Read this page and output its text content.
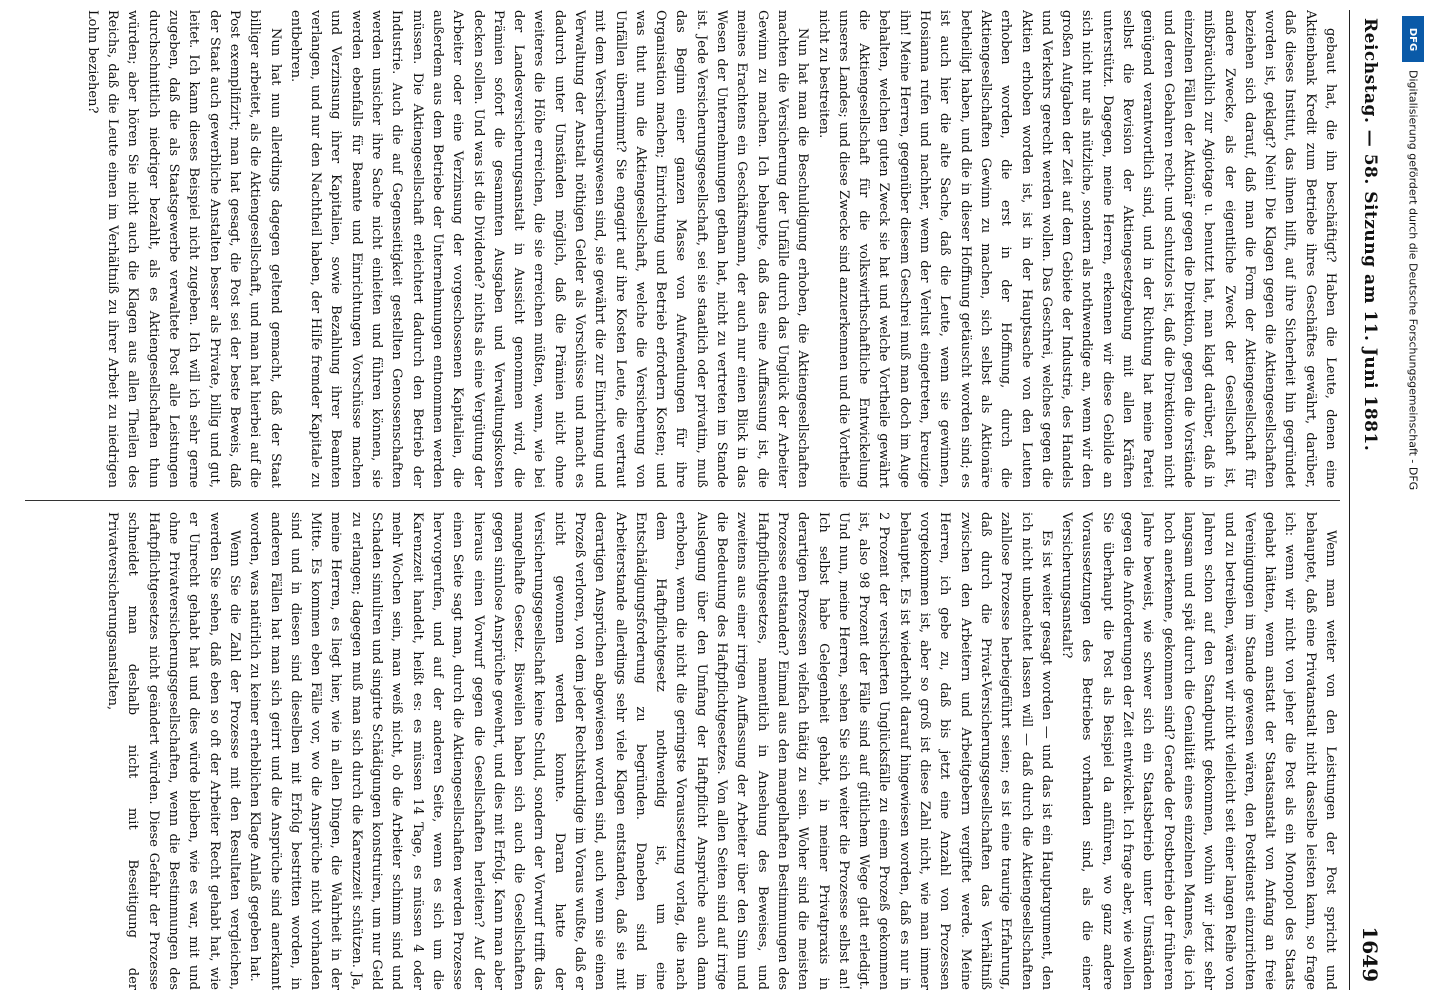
Reichstag. — 58. Sitzung am 11. Juni 1881.
1649

gebaut hat, die ihn beschäftigt? Haben die Leute, denen eine Aktienbank Kredit zum Betriebe ihres Geschäftes gewährt, darüber, daß dieses Institut, das ihnen hilft, auf ihre Sicherheit hin gegründet worden ist, geklagt? Nein! Die Klagen gegen die Aktiengesellschaften beziehen sich darauf, daß man die Form der Aktiengesellschaft für andere Zwecke, als der eigentliche Zweck der Gesellschaft ist, mißbräuchlich zur Agiotage u. benutzt hat, man klagt darüber, daß in einzelnen Fällen der Aktionär gegen die Direktion, gegen die Vorstände und deren Gebahren recht- und schutzlos ist, daß die Direktionen nicht genügend verantwortlich sind, und in der Richtung hat meine Partei selbst die Revision der Aktiengesetzgebung mit allen Kräften unterstützt. Dagegen, meine Herren, erkennen wir diese Gebilde an sich nicht nur als nützliche, sondern als nothwendige an, wenn wir den großen Aufgaben der Zeit auf dem Gebiete der Industrie, des Handels und Verkehrs gerecht werden wollen. Das Geschrei, welches gegen die Aktien erhoben worden ist, ist in der Hauptsache von den Leuten erhoben worden, die erst in der Hoffnung, durch die Aktiengesellschaften Gewinn zu machen, sich selbst als Aktionäre betheiligt haben, und die in dieser Hoffnung getäuscht worden sind; es ist auch hier die alte Sache, daß die Leute, wenn sie gewinnen, Hosianna rufen und nachher, wenn der Verlust eingetreten, kreuzige ihn! Meine Herren, gegenüber diesem Geschrei muß man doch im Auge behalten, welchen guten Zweck sie hat und welche Vortheile gewährt die Aktiengesellschaft für die volkswirthschaftliche Entwickelung unseres Landes; und diese Zwecke sind anzuerkennen und die Vortheile nicht zu bestreiten.

Nun hat man die Beschuldigung erhoben, die Aktiengesellschaften machten die Versicherung der Unfälle durch das Unglück der Arbeiter Gewinn zu machen. Ich behaupte, daß das eine Auffassung ist, die meines Erachtens ein Geschäftsmann, der auch nur einen Blick in das Wesen der Unternehmungen gethan hat, nicht zu vertreten im Stande ist. Jede Versicherungsgesellschaft, sei sie staatlich oder privatim, muß das Beginn einer ganzen Masse von Aufwendungen für ihre Organisation machen; Einrichtung und Betrieb erfordern Kosten; und was thut nun die Aktiengesellschaft, welche die Versicherung von Unfällen übernimmt? Sie engagirt auf ihre Kosten Leute, die vertraut mit dem Versicherungswesen sind, sie gewährt die zur Einrichtung und Verwaltung der Anstalt nöthigen Gelder als Vorschüsse und macht es dadurch unter Umständen möglich, daß die Prämien nicht ohne weiteres die Höhe erreichen, die sie erreichen müßten, wenn, wie bei der Landesversicherungsanstalt in Aussicht genommen wird, die Prämien sofort die gesammten Ausgaben und Verwaltungskosten decken sollen. Und was ist die Dividende? nichts als eine Vergütung der Arbeiter oder eine Verzinsung der vorgeschossenen Kapitalien, die außerdem aus dem Betriebe der Unternehmungen entnommen werden müssen. Die Aktiengesellschaft erleichtert dadurch den Betrieb der Industrie. Auch die auf Gegenseitigkeit gestellten Genossenschaften werden unsicher ihre Sache nicht einleiten und führen können, sie werden ebenfalls für Beamte und Einrichtungen Vorschüsse machen und Verzinsung ihrer Kapitalien, sowie Bezahlung ihrer Beamten verlangen, und nur den Nachtheil haben, der Hilfe fremder Kapitale zu entbehren.

Nun hat nun allerdings dagegen geltend gemacht, daß der Staat billiger arbeitet, als die Aktiengesellschaft, und man hat hierbei auf die Post exemplifizirt; man hat gesagt, die Post sei der beste Beweis, daß der Staat auch gewerbliche Anstalten besser als Private, billig und gut, leitet. Ich kann dieses Beispiel nicht zugeben. Ich will ich sehr gerne zugeben, daß die als Staatsgewerbe verwaltete Post alle Leistungen durchschnittlich niedriger bezahlt, als es Aktiengesellschaften thun würden; aber hören Sie nicht auch die Klagen aus allen Theilen des Reichs, daß die Leute einen im Verhältniß zu ihrer Arbeit zu niedrigen Lohn beziehen?

Wenn man weiter von den Leistungen der Post spricht und behauptet, daß eine Privatanstalt nicht dasselbe leisten kann, so frage ich: wenn wir nicht von jeher die Post als ein Monopol des Staats gehabt hätten, wenn anstatt der Staatsanstalt von Anfang an freie Vereinigungen im Stande gewesen wären, den Postdienst einzurichten und zu betreiben, wären wir nicht vielleicht seit einer langen Reihe von Jahren schon auf den Standpunkt gekommen, wohin wir jetzt sehr langsam und spät durch die Genialität eines einzelnen Mannes, die ich hoch anerkenne, gekommen sind? Gerade der Postbetrieb der früheren Jahre beweist, wie schwer sich ein Staatsbetrieb unter Umständen gegen die Anforderungen der Zeit entwickelt. Ich frage aber, wie wollen Sie überhaupt die Post als Beispiel da anführen, wo ganz andere Voraussetzungen des Betriebes vorhanden sind, als die einer Versicherungsanstalt?

Es ist weiter gesagt worden — und das ist ein Hauptargument, den ich nicht unbeachtet lassen will — daß durch die Aktiengesellschaften zahllose Prozesse herbeigeführt seien; es ist eine traurige Erfahrung, daß durch die Privat-Versicherungsgesellschaften das Verhältniß zwischen den Arbeitern und Arbeitgebern vergiftet werde. Meine Herren, ich gebe zu, daß bis jetzt eine Anzahl von Prozessen vorgekommen ist, aber so groß ist diese Zahl nicht, wie man immer behauptet. Es ist wiederholt darauf hingewiesen worden, daß es nur in 2 Prozent der versicherten Unglücksfälle zu einem Prozeß gekommen ist, also 98 Prozent der Fälle sind auf gütlichem Wege glatt erledigt. Und nun, meine Herren, sehen Sie sich weiter die Prozesse selbst an! Ich selbst habe Gelegenheit gehabt, in meiner Privatpraxis in derartigen Prozessen vielfach thätig zu sein. Woher sind die meisten Prozesse entstanden? Einmal aus den mangelhaften Bestimmungen des Haftpflichtgesetzes, namentlich in Ansehung des Beweises, und zweitens aus einer irrigen Auffassung der Arbeiter über den Sinn und die Bedeutung des Haftpflichtgesetzes. Von allen Seiten sind auf irrige Auslegung über den Umfang der Haftpflicht Ansprüche auch dann erhoben, wenn die nicht die geringste Voraussetzung vorlag, die nach dem Haftpflichtgesetz nothwendig ist, um eine Entschädigungsforderung zu begründen. Daneben sind im Arbeiterstande allerdings sehr viele Klagen entstanden, daß sie mit derartigen Ansprüchen abgewiesen worden sind, auch wenn sie einen Prozeß verloren, von dem jeder Rechtskundige im Voraus wußte, daß er nicht gewonnen werden konnte. Daran hatte der Versicherungsgesellschaft keine Schuld, sondern der Vorwurf trifft das mangelhafte Gesetz. Bisweilen haben sich auch die Gesellschaften gegen sinnlose Ansprüche gewehrt, und dies mit Erfolg. Kann man aber hieraus einen Vorwurf gegen die Gesellschaften herleiten? Auf der einen Seite sagt man, durch die Aktiengesellschaften werden Prozesse hervorgerufen, und auf der anderen Seite, wenn es sich um die Karenzzeit handelt, heißt es: es müssen 14 Tage, es müssen 4 oder mehr Wochen sein, man weiß nicht, ob die Arbeiter schimm sind und Schaden simuliren und singirte Schädigungen konstruiren, um nur Geld zu erlangen; dagegen muß man sich durch die Karenzzeit schützen. Ja, meine Herren, es liegt hier, wie in allen Dingen, die Wahrheit in der Mitte. Es kommen eben Fälle vor, wo die Ansprüche nicht vorhanden sind und in diesen sind dieselben mit Erfolg bestritten worden, in anderen Fällen hat man sich geirrt und die Ansprüche sind anerkannt worden, was natürlich zu keiner erheblichen Klage Anlaß gegeben hat.

Wenn Sie die Zahl der Prozesse mit den Resultaten vergleichen, werden Sie sehen, daß eben so oft der Arbeiter Recht gehabt hat, wie er Unrecht gehabt hat und dies würde bleiben, wie es war, mit und ohne Privatversicherungsgesellschaften, wenn die Bestimmungen des Haftpflichtgesetzes nicht geändert würden. Diese Gefahr der Prozesse schneidet man deshalb nicht mit Beseitigung der Privatversicherungsanstalten,

DFG
Digitalisierung gefördert durch die Deutsche Forschungsgemeinschaft - DFG
